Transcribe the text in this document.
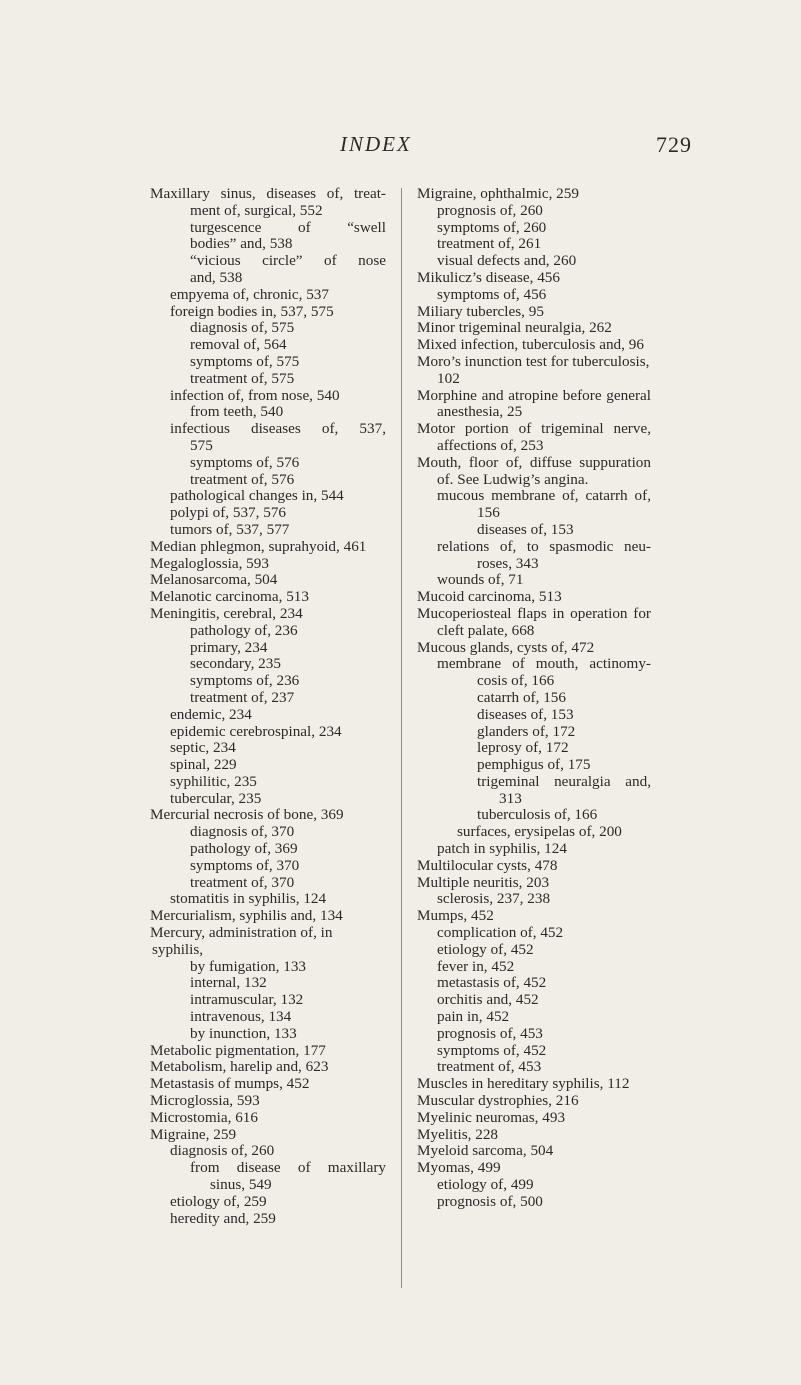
INDEX	729
Maxillary sinus, diseases of, treat-
ment of, surgical, 552
turgescence of “swell
bodies” and, 538
“vicious circle” of nose
and, 538
empyema of, chronic, 537
foreign bodies in, 537, 575
diagnosis of, 575
removal of, 564
symptoms of, 575
treatment of, 575
infection of, from nose, 540
from teeth, 540
infectious diseases of, 537,
575
symptoms of, 576
treatment of, 576
pathological changes in, 544
polypi of, 537, 576
tumors of, 537, 577
Median phlegmon, suprahyoid, 461
Megaloglossia, 593
Melanosarcoma, 504
Melanotic carcinoma, 513
Meningitis, cerebral, 234
pathology of, 236
primary, 234
secondary, 235
symptoms of, 236
treatment of, 237
endemic, 234
epidemic cerebrospinal, 234
septic, 234
spinal, 229
syphilitic, 235
tubercular, 235
Mercurial necrosis of bone, 369
diagnosis of, 370
pathology of, 369
symptoms of, 370
treatment of, 370
stomatitis in syphilis, 124
Mercurialism, syphilis and, 134
Mercury, administration of, in syphilis,
by fumigation, 133
internal, 132
intramuscular, 132
intravenous, 134
by inunction, 133
Metabolic pigmentation, 177
Metabolism, harelip and, 623
Metastasis of mumps, 452
Microglossia, 593
Microstomia, 616
Migraine, 259
diagnosis of, 260
from disease of maxillary
sinus, 549
etiology of, 259
heredity and, 259
Migraine, ophthalmic, 259
prognosis of, 260
symptoms of, 260
treatment of, 261
visual defects and, 260
Mikulicz’s disease, 456
symptoms of, 456
Miliary tubercles, 95
Minor trigeminal neuralgia, 262
Mixed infection, tuberculosis and, 96
Moro’s inunction test for tuberculosis,
102
Morphine and atropine before general
anesthesia, 25
Motor portion of trigeminal nerve,
affections of, 253
Mouth, floor of, diffuse suppuration
of. See Ludwig’s angina.
mucous membrane of, catarrh of,
156
diseases of, 153
relations of, to spasmodic neu-
roses, 343
wounds of, 71
Mucoid carcinoma, 513
Mucoperiosteal flaps in operation for
cleft palate, 668
Mucous glands, cysts of, 472
membrane of mouth, actinomy-
cosis of, 166
catarrh of, 156
diseases of, 153
glanders of, 172
leprosy of, 172
pemphigus of, 175
trigeminal neuralgia and,
313
tuberculosis of, 166
surfaces, erysipelas of, 200
patch in syphilis, 124
Multilocular cysts, 478
Multiple neuritis, 203
sclerosis, 237, 238
Mumps, 452
complication of, 452
etiology of, 452
fever in, 452
metastasis of, 452
orchitis and, 452
pain in, 452
prognosis of, 453
symptoms of, 452
treatment of, 453
Muscles in hereditary syphilis, 112
Muscular dystrophies, 216
Myelinic neuromas, 493
Myelitis, 228
Myeloid sarcoma, 504
Myomas, 499
etiology of, 499
prognosis of, 500
